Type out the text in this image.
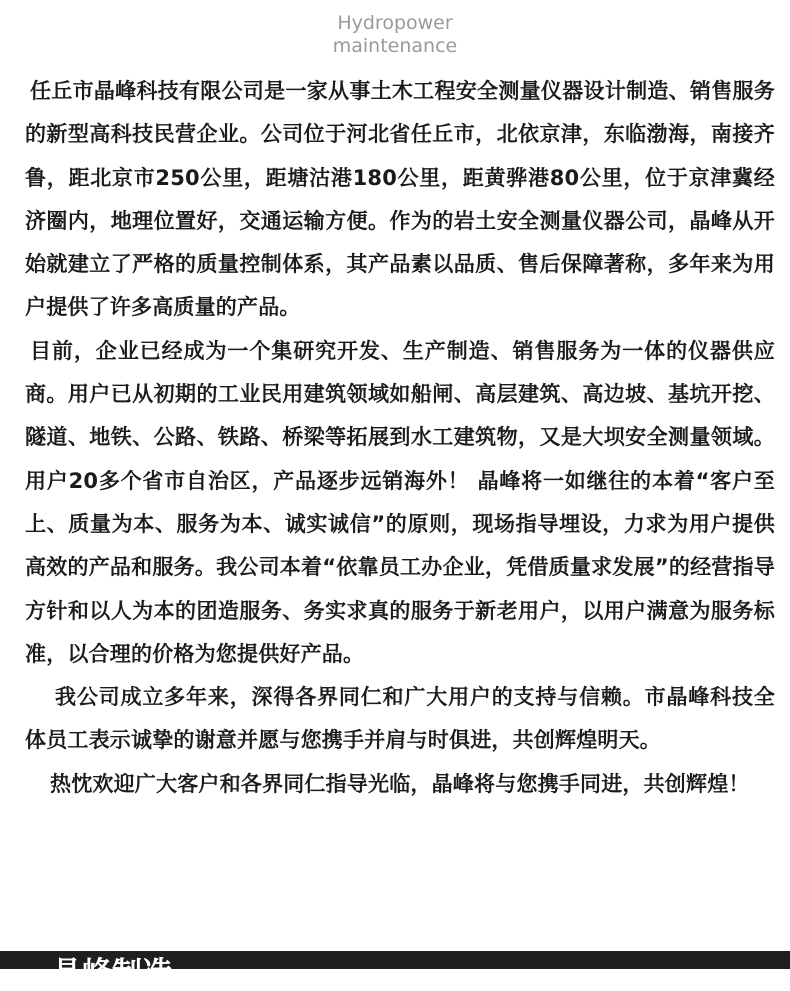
Hydropower
maintenance

任丘市晶峰科技有限公司是一家从事土木工程安全测量仪器设计制造、销售服务的新型高科技民营企业。公司位于河北省任丘市，北依京津，东临渤海，南接齐鲁，距北京市250公里，距塘沽港180公里，距黄骅港80公里，位于京津冀经济圈内，地理位置好，交通运输方便。作为的岩土安全测量仪器公司，晶峰从开始就建立了严格的质量控制体系，其产品素以品质、售后保障著称，多年来为用户提供了许多高质量的产品。

目前，企业已经成为一个集研究开发、生产制造、销售服务为一体的仪器供应商。用户已从初期的工业民用建筑领域如船闸、高层建筑、高边坡、基坑开挖、隧道、地铁、公路、铁路、桥梁等拓展到水工建筑物，又是大坝安全测量领域。用户20多个省市自治区，产品逐步远销海外！ 晶峰将一如继往的本着“客户至上、质量为本、服务为本、诚实诚信”的原则，现场指导埋设，力求为用户提供高效的产品和服务。我公司本着“依靠员工办企业，凭借质量求发展”的经营指导方针和以人为本的团造服务、务实求真的服务于新老用户，以用户满意为服务标准，以合理的价格为您提供好产品。

我公司成立多年来，深得各界同仁和广大用户的支持与信赖。市晶峰科技全体员工表示诚挚的谢意并愿与您携手并肩与时俱进，共创辉煌明天。

热忱欢迎广大客户和各界同仁指导光临，晶峰将与您携手同进，共创辉煌！

晶峰制造
